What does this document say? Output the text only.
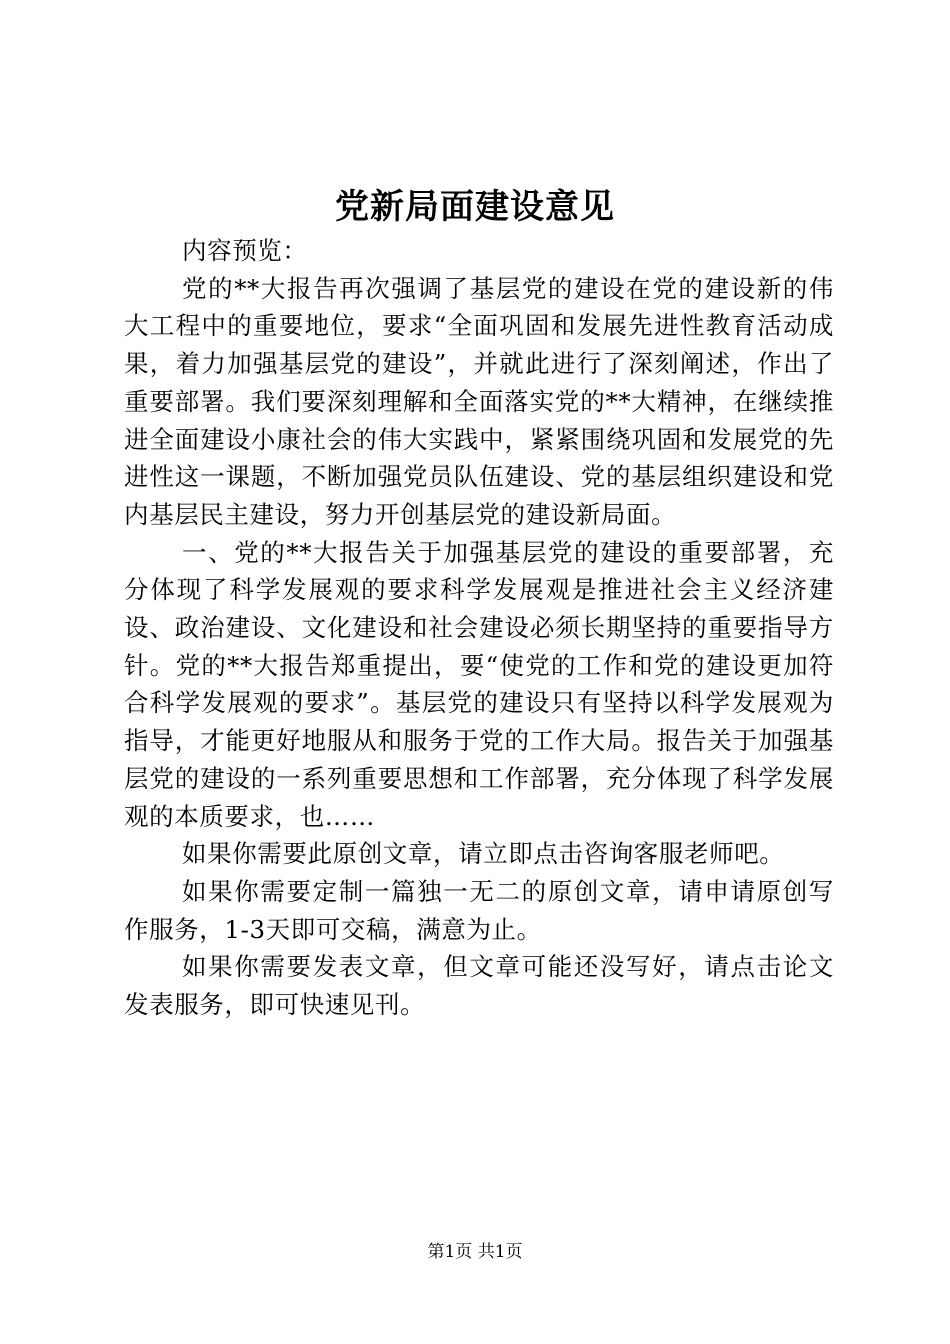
党新局面建设意见

内容预览：

党的**大报告再次强调了基层党的建设在党的建设新的伟大工程中的重要地位，要求“全面巩固和发展先进性教育活动成果，着力加强基层党的建设”，并就此进行了深刻阐述，作出了重要部署。我们要深刻理解和全面落实党的**大精神，在继续推进全面建设小康社会的伟大实践中，紧紧围绕巩固和发展党的先进性这一课题，不断加强党员队伍建设、党的基层组织建设和党内基层民主建设，努力开创基层党的建设新局面。

一、党的**大报告关于加强基层党的建设的重要部署，充分体现了科学发展观的要求科学发展观是推进社会主义经济建设、政治建设、文化建设和社会建设必须长期坚持的重要指导方针。党的**大报告郑重提出，要“使党的工作和党的建设更加符合科学发展观的要求”。基层党的建设只有坚持以科学发展观为指导，才能更好地服从和服务于党的工作大局。报告关于加强基层党的建设的一系列重要思想和工作部署，充分体现了科学发展观的本质要求，也……

如果你需要此原创文章，请立即点击咨询客服老师吧。

如果你需要定制一篇独一无二的原创文章，请申请原创写作服务，1-3天即可交稿，满意为止。

如果你需要发表文章，但文章可能还没写好，请点击论文发表服务，即可快速见刊。

第1页 共1页
